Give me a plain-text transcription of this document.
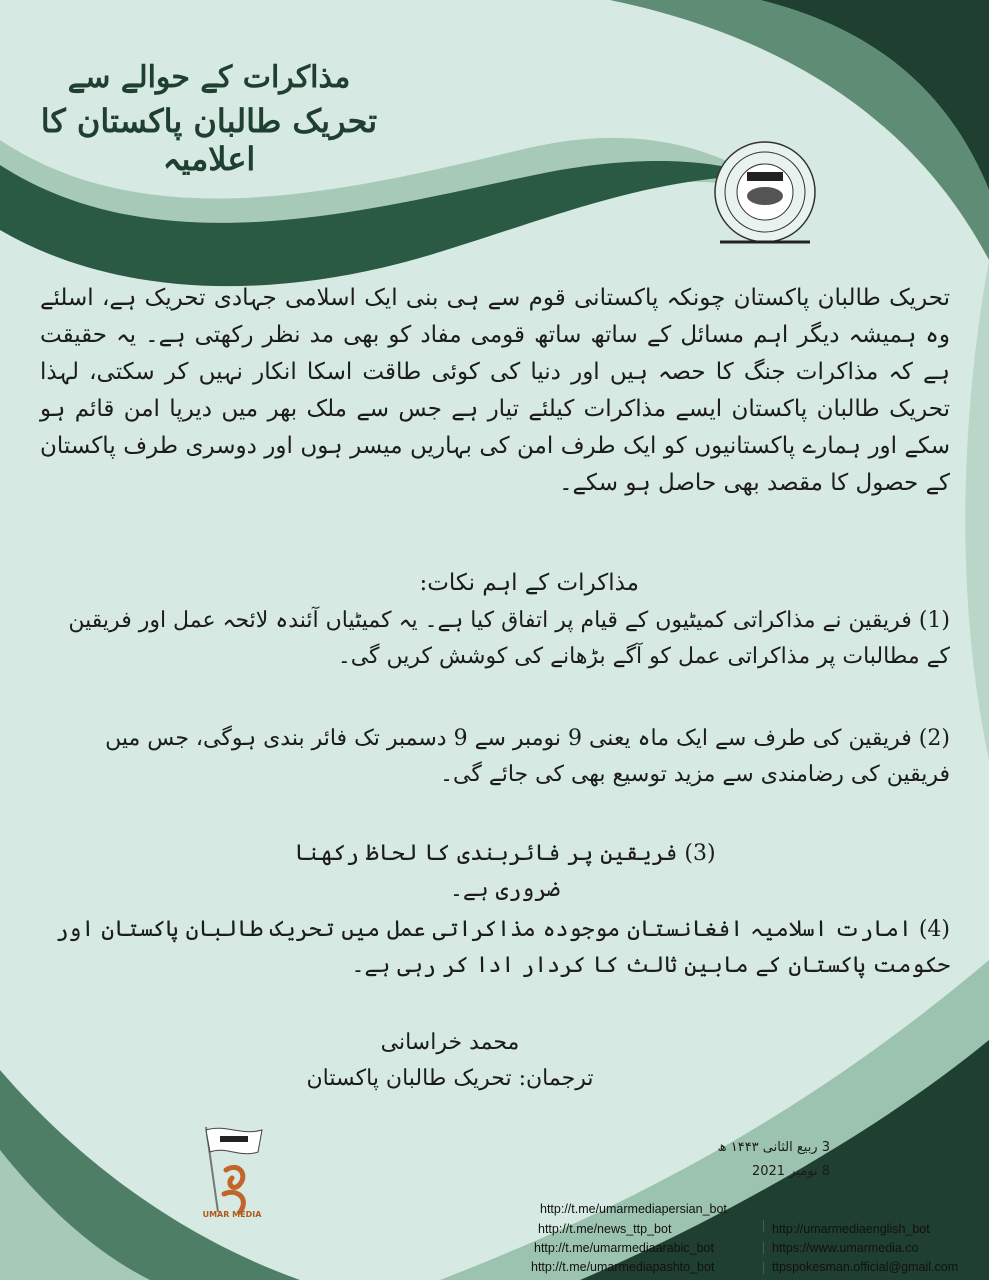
مذاکرات کے حوالے سے
تحریک طالبان پاکستان کا اعلامیہ

تحریک طالبان پاکستان چونکہ پاکستانی قوم سے ہی بنی ایک اسلامی جہادی تحریک ہے، اسلئے وہ ہمیشہ دیگر اہم مسائل کے ساتھ ساتھ قومی مفاد کو بھی مد نظر رکھتی ہے۔ یہ حقیقت ہے کہ مذاکرات جنگ کا حصہ ہیں اور دنیا کی کوئی طاقت اسکا انکار نہیں کر سکتی، لہذا تحریک طالبان پاکستان ایسے مذاکرات کیلئے تیار ہے جس سے ملک بھر میں دیرپا امن قائم ہو سکے اور ہمارے پاکستانیوں کو ایک طرف امن کی بہاریں میسر ہوں اور دوسری طرف پاکستان کے حصول کا مقصد بھی حاصل ہو سکے۔

مذاکرات کے اہم نکات:

(1) فریقین نے مذاکراتی کمیٹیوں کے قیام پر اتفاق کیا ہے۔ یہ کمیٹیاں آئندہ لائحہ عمل اور فریقین کے مطالبات پر مذاکراتی عمل کو آگے بڑھانے کی کوشش کریں گی۔

(2) فریقین کی طرف سے ایک ماہ یعنی 9 نومبر سے 9 دسمبر تک فائر بندی ہوگی، جس میں فریقین کی رضامندی سے مزید توسیع بھی کی جائے گی۔

(3) فریقین پر فائربندی کا لحاظ رکھنا ضروری ہے۔

(4) امارت اسلامیہ افغانستان موجودہ مذاکراتی عمل میں تحریک طالبان پاکستان اور حکومت پاکستان کے مابین ثالث کا کردار ادا کر رہی ہے۔

محمد خراسانی

ترجمان: تحریک طالبان پاکستان

3 ربیع الثانی ۱۴۴۳ ھ

8 نومبر 2021

UMAR MEDIA	http://t.me/umarmediapersian_bot
http://t.me/news_ttp_bot
http://t.me/umarmediaarabic_bot
http://t.me/umarmediapashto_bot
http://umarmediaenglish_bot
https://www.umarmedia.co
ttpspokesman.official@gmail.com
